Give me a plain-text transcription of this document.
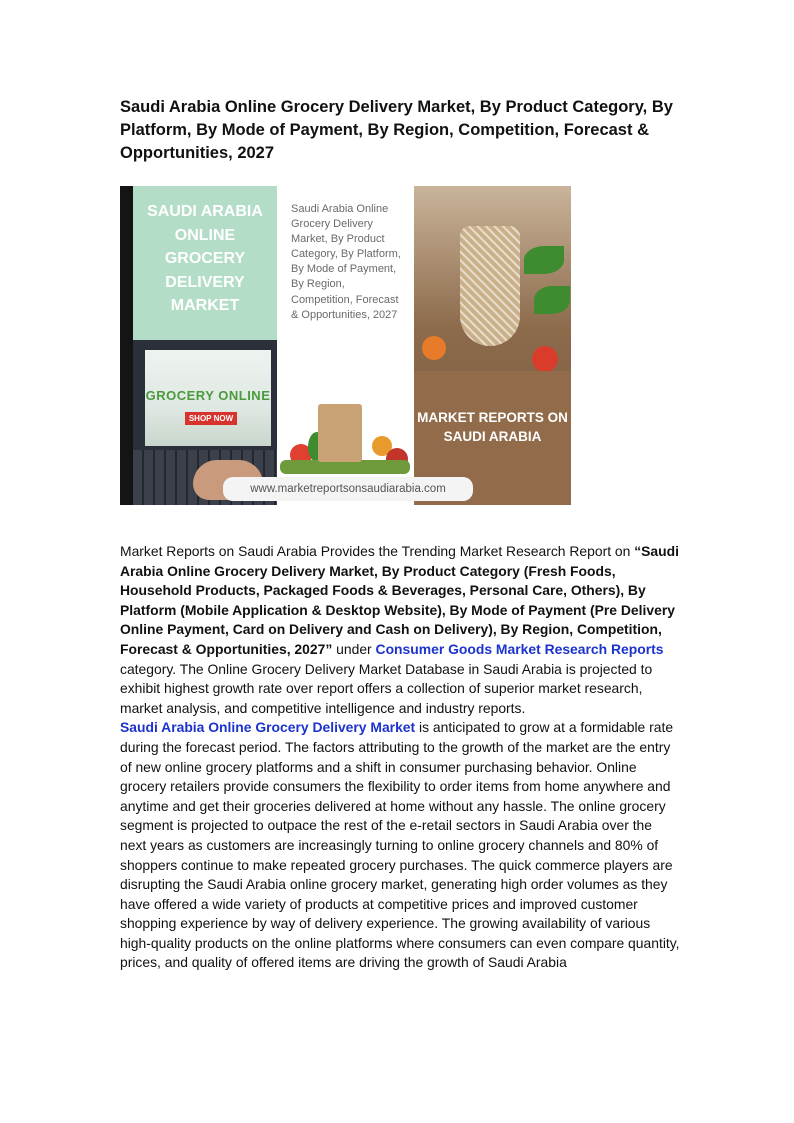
Saudi Arabia Online Grocery Delivery Market, By Product Category, By Platform, By Mode of Payment, By Region, Competition, Forecast & Opportunities, 2027
SAUDI ARABIA ONLINE GROCERY DELIVERY MARKET
GROCERY ONLINE
SHOP NOW
Saudi Arabia Online Grocery Delivery Market, By Product Category, By Platform, By Mode of Payment, By Region, Competition, Forecast & Opportunities, 2027
MARKET REPORTS ON SAUDI ARABIA
www.marketreportsonsaudiarabia.com

Market Reports on Saudi Arabia Provides the Trending Market Research Report on “Saudi Arabia Online Grocery Delivery Market, By Product Category (Fresh Foods, Household Products, Packaged Foods & Beverages, Personal Care, Others), By Platform (Mobile Application & Desktop Website), By Mode of Payment (Pre Delivery Online Payment, Card on Delivery and Cash on Delivery), By Region, Competition, Forecast & Opportunities, 2027” under Consumer Goods Market Research Reports category. The Online Grocery Delivery Market Database in Saudi Arabia is projected to exhibit highest growth rate over report offers a collection of superior market research, market analysis, and competitive intelligence and industry reports.

Saudi Arabia Online Grocery Delivery Market is anticipated to grow at a formidable rate during the forecast period. The factors attributing to the growth of the market are the entry of new online grocery platforms and a shift in consumer purchasing behavior. Online grocery retailers provide consumers the flexibility to order items from home anywhere and anytime and get their groceries delivered at home without any hassle. The online grocery segment is projected to outpace the rest of the e-retail sectors in Saudi Arabia over the next years as customers are increasingly turning to online grocery channels and 80% of shoppers continue to make repeated grocery purchases. The quick commerce players are disrupting the Saudi Arabia online grocery market, generating high order volumes as they have offered a wide variety of products at competitive prices and improved customer shopping experience by way of delivery experience. The growing availability of various high-quality products on the online platforms where consumers can even compare quantity, prices, and quality of offered items are driving the growth of Saudi Arabia
